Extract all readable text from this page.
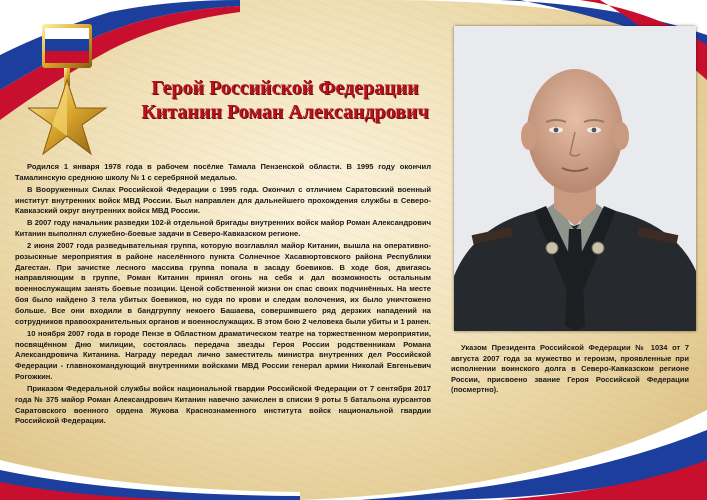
Герой Российской Федерации
Китанин Роман Александрович

Родился 1 января 1978 года в рабочем посёлке Тамала Пензенской области. В 1995 году окончил Тамалинскую среднюю школу № 1 с серебряной медалью.

В Вооруженных Силах Российской Федерации с 1995 года. Окончил с отличием Саратовский военный институт внутренних войск МВД России. Был направлен для дальнейшего прохождения службы в Северо-Кавказский округ внутренних войск МВД России.

В 2007 году начальник разведки 102-й отдельной бригады внутренних войск майор Роман Александрович Китанин выполнял служебно-боевые задачи в Северо-Кавказском регионе.

2 июня 2007 года разведывательная группа, которую возглавлял майор Китанин, вышла на оперативно-розыскные мероприятия в районе населённого пункта Солнечное Хасавюртовского района Республики Дагестан. При зачистке лесного массива группа попала в засаду боевиков. В ходе боя, двигаясь направляющим в группе, Роман Китанин принял огонь на себя и дал возможность остальным военнослужащим занять боевые позиции. Ценой собственной жизни он спас своих подчинённых. На месте боя было найдено 3 тела убитых боевиков, но судя по крови и следам волочения, их было уничтожено больше. Все они входили в бандгруппу некоего Башаева, совершившего ряд дерзких нападений на сотрудников правоохранительных органов и военнослужащих. В этом бою 2 человека были убиты и 1 ранен.

10 ноября 2007 года в городе Пензе в Областном драматическом театре на торжественном мероприятии, посвящённом Дню милиции, состоялась передача звезды Героя России родственникам Романа Александровича Китанина. Награду передал лично заместитель министра внутренних дел Российской Федерации - главнокомандующий внутренними войсками МВД России генерал армии Николай Евгеньевич Рогожкин.

Приказом Федеральной службы войск национальной гвардии Российской Федерации от 7 сентября 2017 года № 375 майор Роман Александрович Китанин навечно зачислен в списки 9 роты 5 батальона курсантов Саратовского военного ордена Жукова Краснознаменного института войск национальной гвардии Российской Федерации.

Указом Президента Российской Федерации № 1034 от 7 августа 2007 года за мужество и героизм, проявленные при исполнении воинского долга в Северо-Кавказском регионе России, присвоено звание Героя Российской Федерации (посмертно).
